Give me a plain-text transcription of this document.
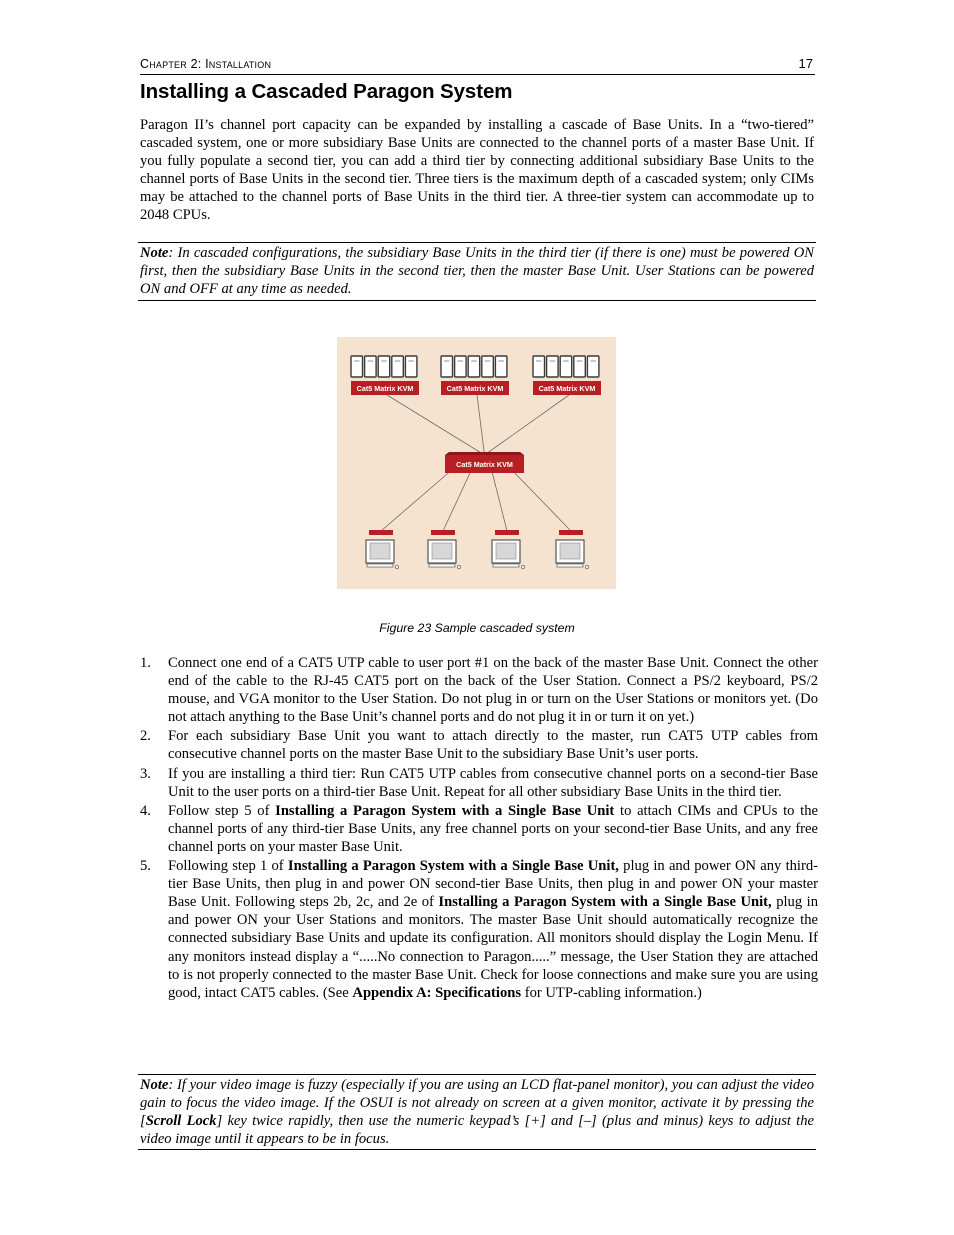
Chapter 2: Installation	17
Installing a Cascaded Paragon System

Paragon II’s channel port capacity can be expanded by installing a cascade of Base Units. In a “two-tiered” cascaded system, one or more subsidiary Base Units are connected to the channel ports of a master Base Unit. If you fully populate a second tier, you can add a third tier by connecting additional subsidiary Base Units to the channel ports of Base Units in the second tier. Three tiers is the maximum depth of a cascaded system; only CIMs may be attached to the channel ports of Base Units in the third tier. A three-tier system can accommodate up to 2048 CPUs.

Note: In cascaded configurations, the subsidiary Base Units in the third tier (if there is one) must be powered ON first, then the subsidiary Base Units in the second tier, then the master Base Unit. User Stations can be powered ON and OFF at any time as needed.

Cat5 Matrix KVM	Cat5 Matrix KVM	Cat5 Matrix KVM
Cat5 Matrix KVM
Figure 23 Sample cascaded system
1. Connect one end of a CAT5 UTP cable to user port #1 on the back of the master Base Unit. Connect the other end of the cable to the RJ-45 CAT5 port on the back of the User Station. Connect a PS/2 keyboard, PS/2 mouse, and VGA monitor to the User Station. Do not plug in or turn on the User Stations or monitors yet. (Do not attach anything to the Base Unit’s channel ports and do not plug it in or turn it on yet.)
2. For each subsidiary Base Unit you want to attach directly to the master, run CAT5 UTP cables from consecutive channel ports on the master Base Unit to the subsidiary Base Unit’s user ports.
3. If you are installing a third tier: Run CAT5 UTP cables from consecutive channel ports on a second-tier Base Unit to the user ports on a third-tier Base Unit. Repeat for all other subsidiary Base Units in the third tier.
4. Follow step 5 of Installing a Paragon System with a Single Base Unit to attach CIMs and CPUs to the channel ports of any third-tier Base Units, any free channel ports on your second-tier Base Units, and any free channel ports on your master Base Unit.
5. Following step 1 of Installing a Paragon System with a Single Base Unit, plug in and power ON any third-tier Base Units, then plug in and power ON second-tier Base Units, then plug in and power ON your master Base Unit. Following steps 2b, 2c, and 2e of Installing a Paragon System with a Single Base Unit, plug in and power ON your User Stations and monitors. The master Base Unit should automatically recognize the connected subsidiary Base Units and update its configuration. All monitors should display the Login Menu. If any monitors instead display a “.....No connection to Paragon.....” message, the User Station they are attached to is not properly connected to the master Base Unit. Check for loose connections and make sure you are using good, intact CAT5 cables. (See Appendix A: Specifications for UTP-cabling information.)

Note: If your video image is fuzzy (especially if you are using an LCD flat-panel monitor), you can adjust the video gain to focus the video image. If the OSUI is not already on screen at a given monitor, activate it by pressing the [Scroll Lock] key twice rapidly, then use the numeric keypad’s [+] and [–] (plus and minus) keys to adjust the video image until it appears to be in focus.
